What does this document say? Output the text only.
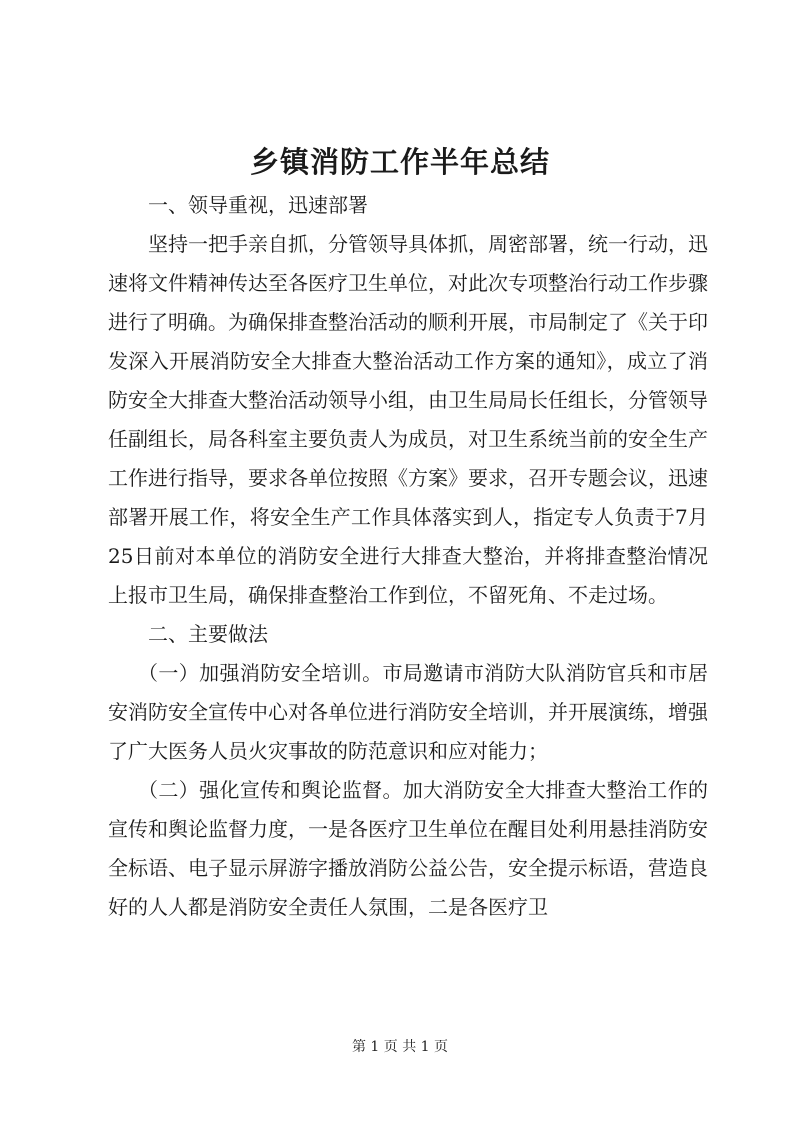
乡镇消防工作半年总结

一、领导重视，迅速部署

坚持一把手亲自抓，分管领导具体抓，周密部署，统一行动，迅速将文件精神传达至各医疗卫生单位，对此次专项整治行动工作步骤进行了明确。为确保排查整治活动的顺利开展，市局制定了《关于印发深入开展消防安全大排查大整治活动工作方案的通知》，成立了消防安全大排查大整治活动领导小组，由卫生局局长任组长，分管领导任副组长，局各科室主要负责人为成员，对卫生系统当前的安全生产工作进行指导，要求各单位按照《方案》要求，召开专题会议，迅速部署开展工作，将安全生产工作具体落实到人，指定专人负责于7月25日前对本单位的消防安全进行大排查大整治，并将排查整治情况上报市卫生局，确保排查整治工作到位，不留死角、不走过场。

二、主要做法

（一）加强消防安全培训。市局邀请市消防大队消防官兵和市居安消防安全宣传中心对各单位进行消防安全培训，并开展演练，增强了广大医务人员火灾事故的防范意识和应对能力；

（二）强化宣传和舆论监督。加大消防安全大排查大整治工作的宣传和舆论监督力度，一是各医疗卫生单位在醒目处利用悬挂消防安全标语、电子显示屏游字播放消防公益公告，安全提示标语，营造良好的人人都是消防安全责任人氛围，二是各医疗卫

第 1 页 共 1 页
